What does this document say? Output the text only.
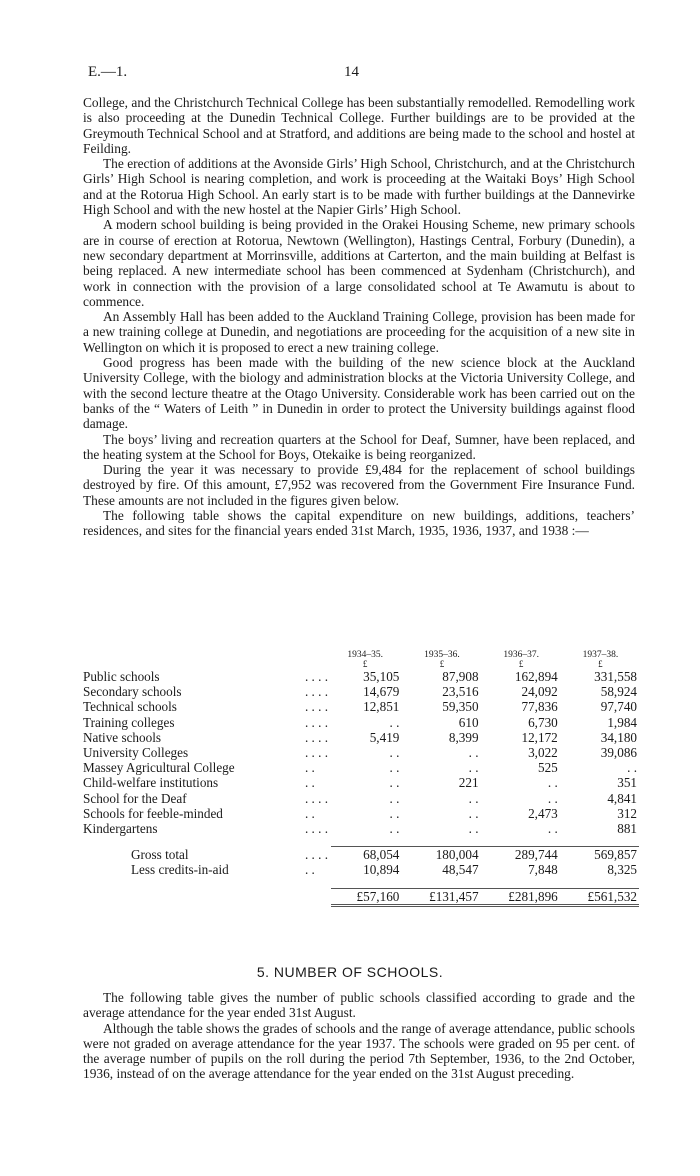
E.—1.	14

College, and the Christchurch Technical College has been substantially remodelled. Remodelling work is also proceeding at the Dunedin Technical College. Further buildings are to be provided at the Greymouth Technical School and at Stratford, and additions are being made to the school and hostel at Feilding.

The erection of additions at the Avonside Girls’ High School, Christchurch, and at the Christchurch Girls’ High School is nearing completion, and work is proceeding at the Waitaki Boys’ High School and at the Rotorua High School. An early start is to be made with further buildings at the Dannevirke High School and with the new hostel at the Napier Girls’ High School.

A modern school building is being provided in the Orakei Housing Scheme, new primary schools are in course of erection at Rotorua, Newtown (Wellington), Hastings Central, Forbury (Dunedin), a new secondary department at Morrinsville, additions at Carterton, and the main building at Belfast is being replaced. A new intermediate school has been commenced at Sydenham (Christchurch), and work in connection with the provision of a large consolidated school at Te Awamutu is about to commence.

An Assembly Hall has been added to the Auckland Training College, provision has been made for a new training college at Dunedin, and negotiations are proceeding for the acquisition of a new site in Wellington on which it is proposed to erect a new training college.

Good progress has been made with the building of the new science block at the Auckland University College, with the biology and administration blocks at the Victoria University College, and with the second lecture theatre at the Otago University. Considerable work has been carried out on the banks of the “ Waters of Leith ” in Dunedin in order to protect the University buildings against flood damage.

The boys’ living and recreation quarters at the School for Deaf, Sumner, have been replaced, and the heating system at the School for Boys, Otekaike is being reorganized.

During the year it was necessary to provide £9,484 for the replacement of school buildings destroyed by fire. Of this amount, £7,952 was recovered from the Government Fire Insurance Fund. These amounts are not included in the figures given below.

The following table shows the capital expenditure on new buildings, additions, teachers’ residences, and sites for the financial years ended 31st March, 1935, 1936, 1937, and 1938 :—

		1934–35.	1935–36.	1936–37.	1937–38.
		£	£	£	£
Public schools	. . . .	35,105	87,908	162,894	331,558
Secondary schools	. . . .	14,679	23,516	24,092	58,924
Technical schools	. . . .	12,851	59,350	77,836	97,740
Training colleges	. . . .	. .	610	6,730	1,984
Native schools	. . . .	5,419	8,399	12,172	34,180
University Colleges	. . . .	. .	. .	3,022	39,086
Massey Agricultural College	. .	. .	. .	525	. .
Child-welfare institutions	. .	. .	221	. .	351
School for the Deaf	. . . .	. .	. .	. .	4,841
Schools for feeble-minded	. .	. .	. .	2,473	312
Kindergartens	. . . .	. .	. .	. .	881

Gross total	. . . .	68,054	180,004	289,744	569,857
Less credits-in-aid	. .	10,894	48,547	7,848	8,325

		£57,160	£131,457	£281,896	£561,532
5. NUMBER OF SCHOOLS.

The following table gives the number of public schools classified according to grade and the average attendance for the year ended 31st August.

Although the table shows the grades of schools and the range of average attendance, public schools were not graded on average attendance for the year 1937. The schools were graded on 95 per cent. of the average number of pupils on the roll during the period 7th September, 1936, to the 2nd October, 1936, instead of on the average attendance for the year ended on the 31st August preceding.
